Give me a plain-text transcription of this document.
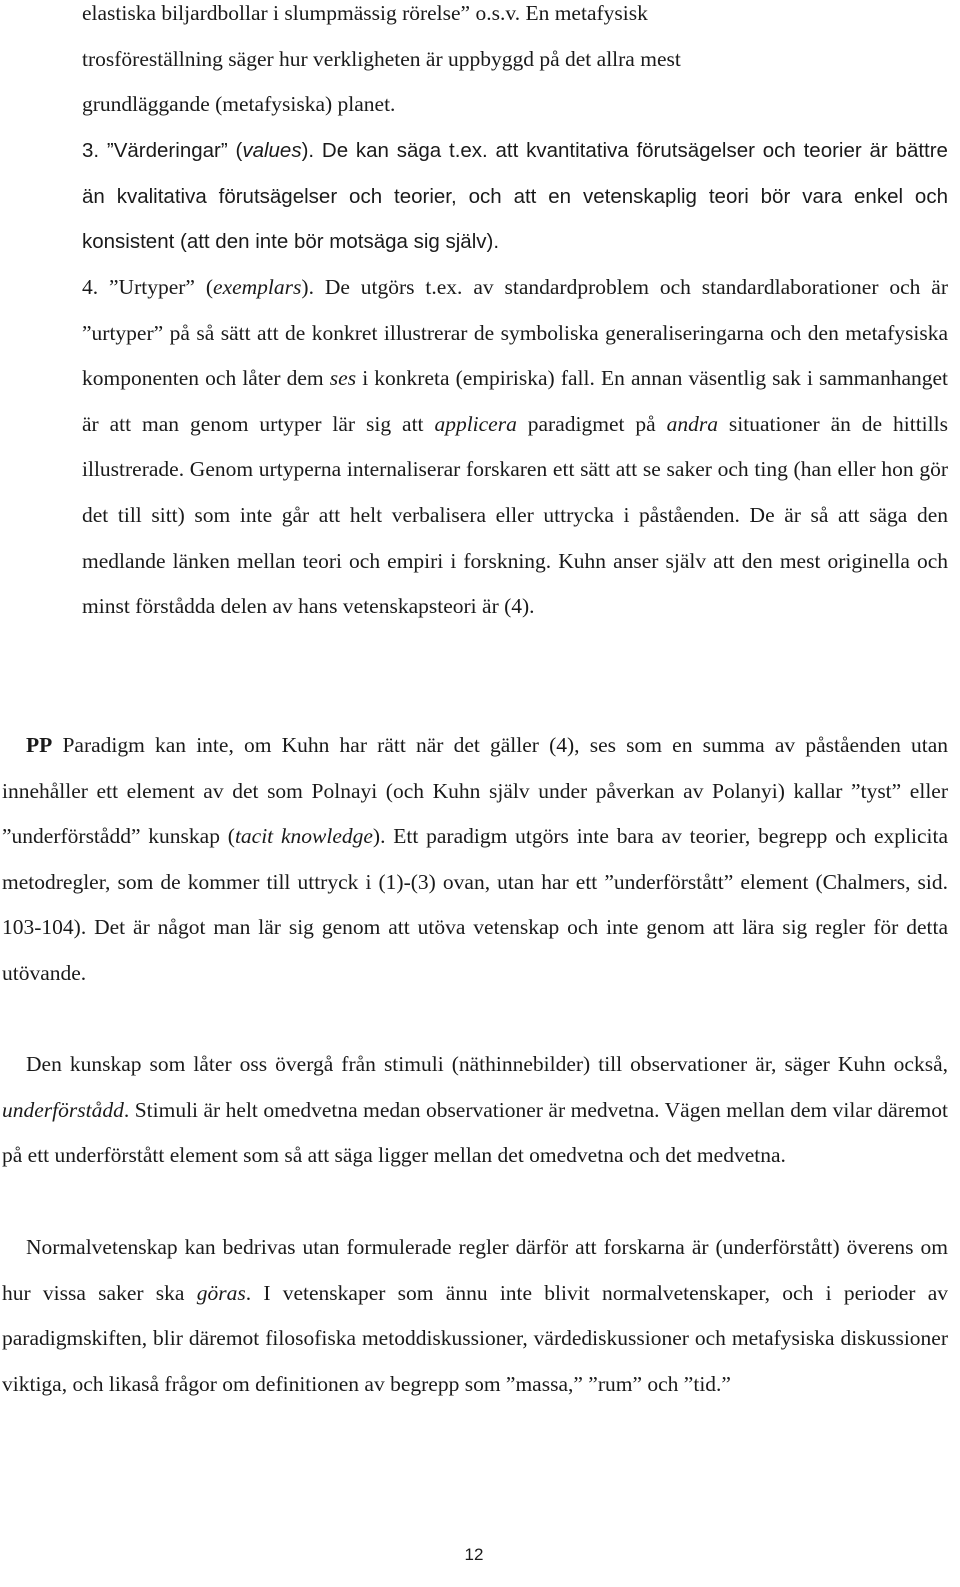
elastiska biljardbollar i slumpmässig rörelse” o.s.v. En metafysisk
trosföreställning säger hur verkligheten är uppbyggd på det allra mest
grundläggande (metafysiska) planet.

3. ”Värderingar” (values). De kan säga t.ex. att kvantitativa förutsägelser och teorier är bättre än kvalitativa förutsägelser och teorier, och att en vetenskaplig teori bör vara enkel och konsistent (att den inte bör motsäga sig själv).

4. ”Urtyper” (exemplars). De utgörs t.ex. av standardproblem och standardlaborationer och är ”urtyper” på så sätt att de konkret illustrerar de symboliska generaliseringarna och den metafysiska komponenten och låter dem ses i konkreta (empiriska) fall. En annan väsentlig sak i sammanhanget är att man genom urtyper lär sig att applicera paradigmet på andra situationer än de hittills illustrerade. Genom urtyperna internaliserar forskaren ett sätt att se saker och ting (han eller hon gör det till sitt) som inte går att helt verbalisera eller uttrycka i påståenden. De är så att säga den medlande länken mellan teori och empiri i forskning. Kuhn anser själv att den mest originella och minst förstådda delen av hans vetenskapsteori är (4).

PP Paradigm kan inte, om Kuhn har rätt när det gäller (4), ses som en summa av påståenden utan innehåller ett element av det som Polnayi (och Kuhn själv under påverkan av Polanyi) kallar ”tyst” eller ”underförstådd” kunskap (tacit knowledge). Ett paradigm utgörs inte bara av teorier, begrepp och explicita metodregler, som de kommer till uttryck i (1)-(3) ovan, utan har ett ”underförstått” element (Chalmers, sid. 103-104). Det är något man lär sig genom att utöva vetenskap och inte genom att lära sig regler för detta utövande.

Den kunskap som låter oss övergå från stimuli (näthinnebilder) till observationer är, säger Kuhn också, underförstådd. Stimuli är helt omedvetna medan observationer är medvetna. Vägen mellan dem vilar däremot på ett underförstått element som så att säga ligger mellan det omedvetna och det medvetna.

Normalvetenskap kan bedrivas utan formulerade regler därför att forskarna är (underförstått) överens om hur vissa saker ska göras. I vetenskaper som ännu inte blivit normalvetenskaper, och i perioder av paradigmskiften, blir däremot filosofiska metoddiskussioner, värdediskussioner och metafysiska diskussioner viktiga, och likaså frågor om definitionen av begrepp som ”massa,” ”rum” och ”tid.”

12
